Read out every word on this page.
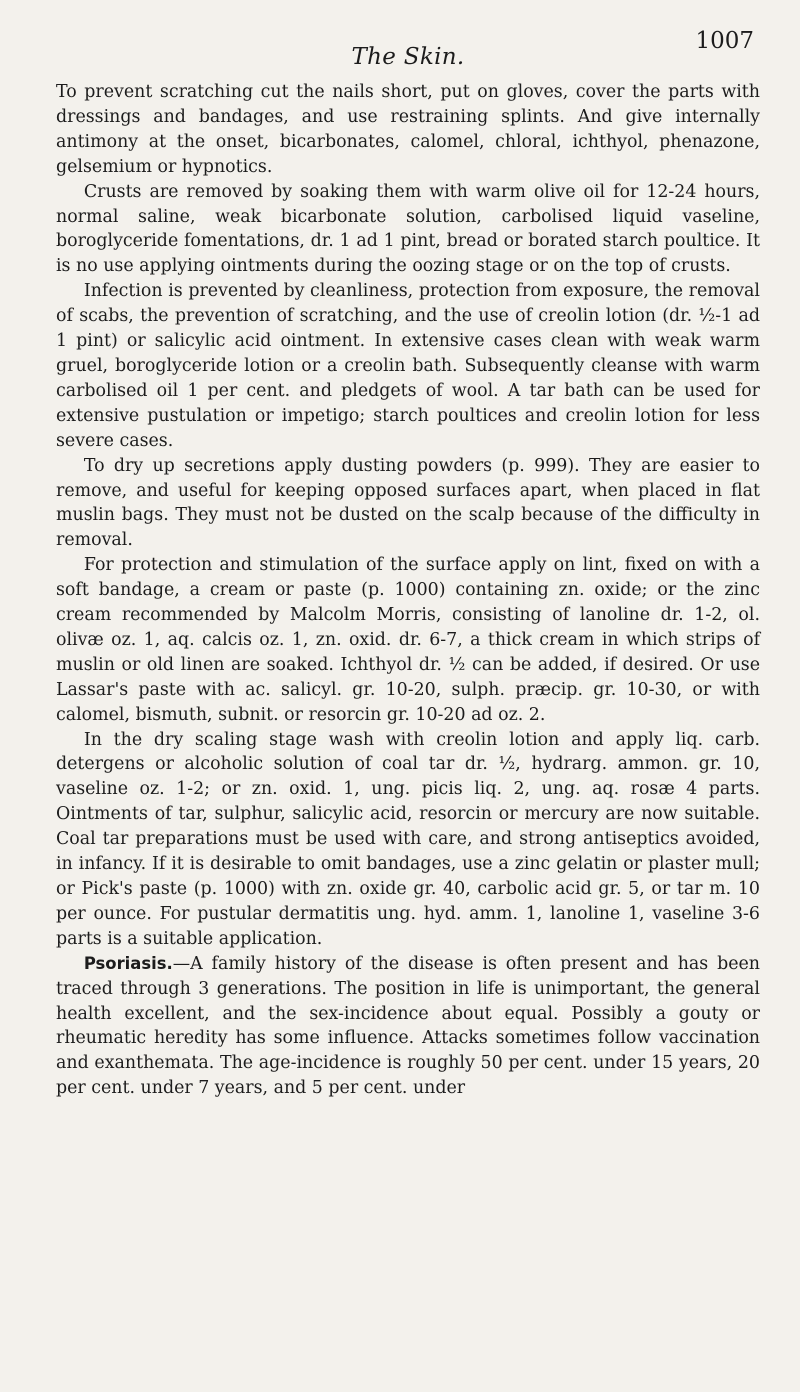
The Skin.
1007

To prevent scratching cut the nails short, put on gloves, cover the parts with dressings and bandages, and use restraining splints. And give internally antimony at the onset, bicarbonates, calomel, chloral, ichthyol, phenazone, gelsemium or hypnotics.

Crusts are removed by soaking them with warm olive oil for 12-24 hours, normal saline, weak bicarbonate solution, carbolised liquid vaseline, boroglyceride fomentations, dr. 1 ad 1 pint, bread or borated starch poultice. It is no use applying ointments during the oozing stage or on the top of crusts.

Infection is prevented by cleanliness, protection from exposure, the removal of scabs, the prevention of scratching, and the use of creolin lotion (dr. ½-1 ad 1 pint) or salicylic acid ointment. In extensive cases clean with weak warm gruel, boroglyceride lotion or a creolin bath. Subsequently cleanse with warm carbolised oil 1 per cent. and pledgets of wool. A tar bath can be used for extensive pustulation or impetigo; starch poultices and creolin lotion for less severe cases.

To dry up secretions apply dusting powders (p. 999). They are easier to remove, and useful for keeping opposed surfaces apart, when placed in flat muslin bags. They must not be dusted on the scalp because of the difficulty in removal.

For protection and stimulation of the surface apply on lint, fixed on with a soft bandage, a cream or paste (p. 1000) containing zn. oxide; or the zinc cream recommended by Malcolm Morris, consisting of lanoline dr. 1-2, ol. olivæ oz. 1, aq. calcis oz. 1, zn. oxid. dr. 6-7, a thick cream in which strips of muslin or old linen are soaked. Ichthyol dr. ½ can be added, if desired. Or use Lassar's paste with ac. salicyl. gr. 10-20, sulph. præcip. gr. 10-30, or with calomel, bismuth, subnit. or resorcin gr. 10-20 ad oz. 2.

In the dry scaling stage wash with creolin lotion and apply liq. carb. detergens or alcoholic solution of coal tar dr. ½, hydrarg. ammon. gr. 10, vaseline oz. 1-2; or zn. oxid. 1, ung. picis liq. 2, ung. aq. rosæ 4 parts. Ointments of tar, sulphur, salicylic acid, resorcin or mercury are now suitable. Coal tar preparations must be used with care, and strong antiseptics avoided, in infancy. If it is desirable to omit bandages, use a zinc gelatin or plaster mull; or Pick's paste (p. 1000) with zn. oxide gr. 40, carbolic acid gr. 5, or tar m. 10 per ounce. For pustular dermatitis ung. hyd. amm. 1, lanoline 1, vaseline 3-6 parts is a suitable application.

Psoriasis.—A family history of the disease is often present and has been traced through 3 generations. The position in life is unimportant, the general health excellent, and the sex-incidence about equal. Possibly a gouty or rheumatic heredity has some influence. Attacks sometimes follow vaccination and exanthemata. The age-incidence is roughly 50 per cent. under 15 years, 20 per cent. under 7 years, and 5 per cent. under
